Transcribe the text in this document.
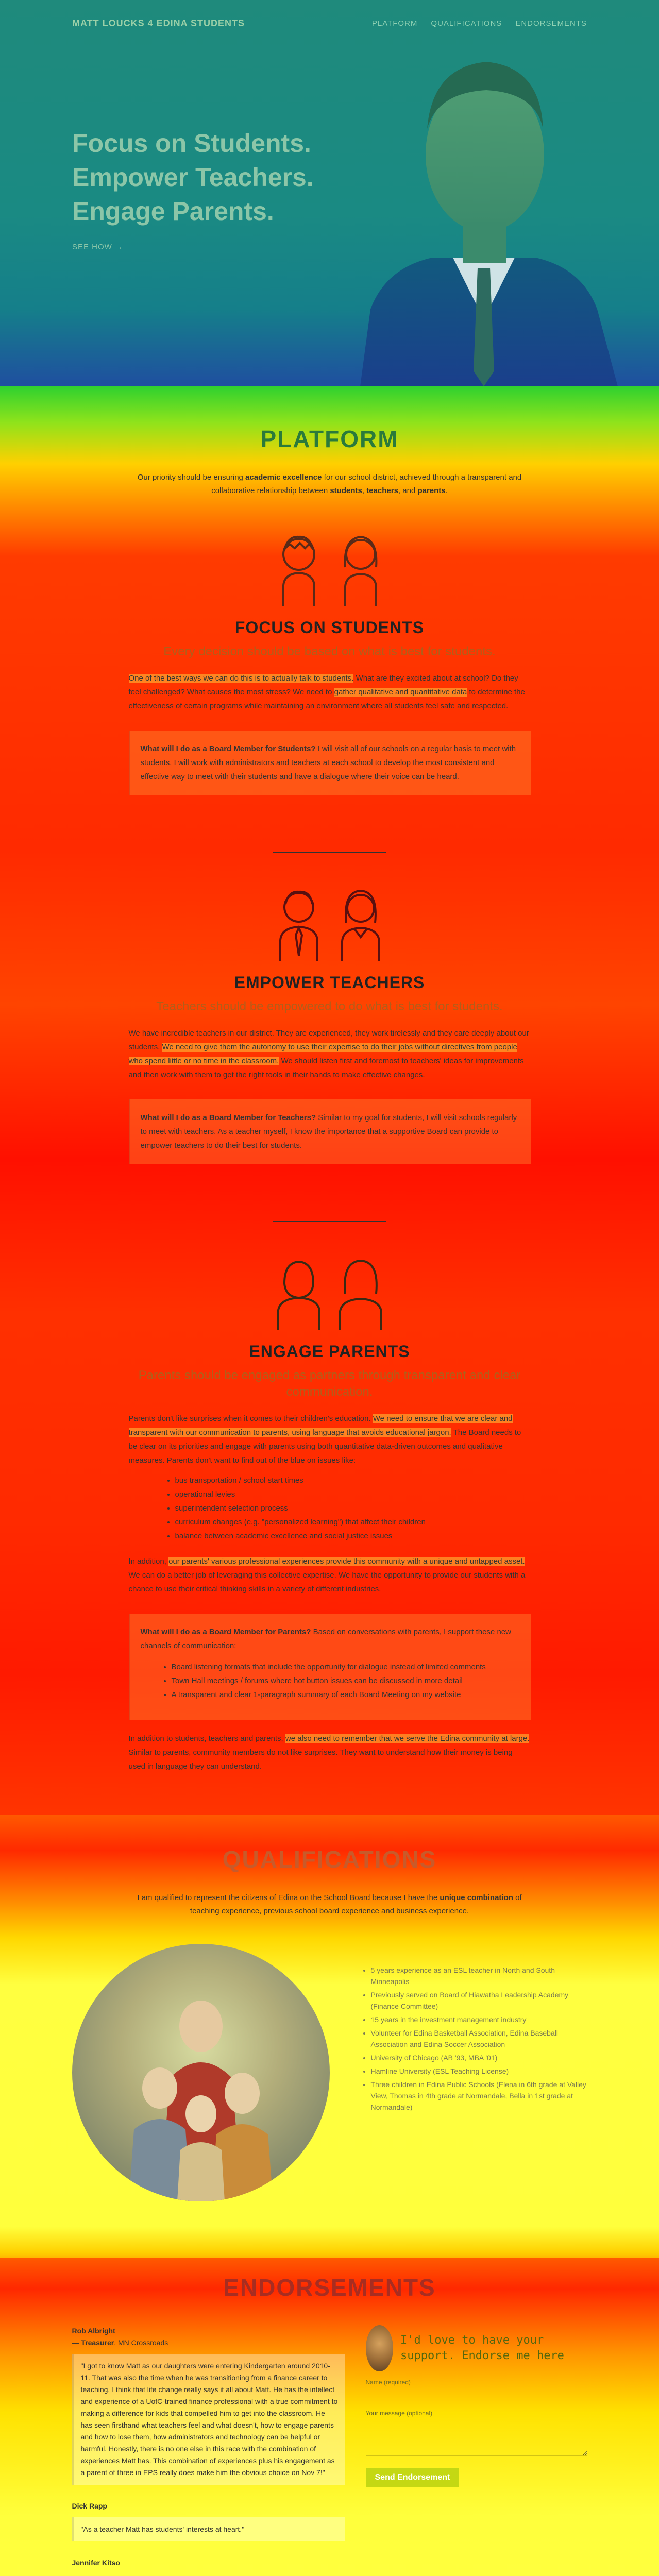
MATT LOUCKS 4 EDINA STUDENTS	PLATFORM QUALIFICATIONS ENDORSEMENTS
Focus on Students.
Empower Teachers.
Engage Parents.
SEE HOW →
PLATFORM

Our priority should be ensuring academic excellence for our school district, achieved through a transparent and collaborative relationship between students, teachers, and parents.

FOCUS ON STUDENTS

Every decision should be based on what is best for students.

One of the best ways we can do this is to actually talk to students. What are they excited about at school? Do they feel challenged? What causes the most stress? We need to gather qualitative and quantitative data to determine the effectiveness of certain programs while maintaining an environment where all students feel safe and respected.

What will I do as a Board Member for Students? I will visit all of our schools on a regular basis to meet with students. I will work with administrators and teachers at each school to develop the most consistent and effective way to meet with their students and have a dialogue where their voice can be heard.
EMPOWER TEACHERS

Teachers should be empowered to do what is best for students.

We have incredible teachers in our district. They are experienced, they work tirelessly and they care deeply about our students. We need to give them the autonomy to use their expertise to do their jobs without directives from people who spend little or no time in the classroom. We should listen first and foremost to teachers' ideas for improvements and then work with them to get the right tools in their hands to make effective changes.

What will I do as a Board Member for Teachers? Similar to my goal for students, I will visit schools regularly to meet with teachers. As a teacher myself, I know the importance that a supportive Board can provide to empower teachers to do their best for students.
ENGAGE PARENTS

Parents should be engaged as partners through transparent and clear communication.

Parents don't like surprises when it comes to their children's education. We need to ensure that we are clear and transparent with our communication to parents, using language that avoids educational jargon. The Board needs to be clear on its priorities and engage with parents using both quantitative data-driven outcomes and qualitative measures. Parents don't want to find out of the blue on issues like:

• bus transportation / school start times
• operational levies
• superintendent selection process
• curriculum changes (e.g. "personalized learning") that affect their children
• balance between academic excellence and social justice issues

In addition, our parents' various professional experiences provide this community with a unique and untapped asset. We can do a better job of leveraging this collective expertise. We have the opportunity to provide our students with a chance to use their critical thinking skills in a variety of different industries.

What will I do as a Board Member for Parents? Based on conversations with parents, I support these new channels of communication:
• Board listening formats that include the opportunity for dialogue instead of limited comments
• Town Hall meetings / forums where hot button issues can be discussed in more detail
• A transparent and clear 1-paragraph summary of each Board Meeting on my website

In addition to students, teachers and parents, we also need to remember that we serve the Edina community at large. Similar to parents, community members do not like surprises. They want to understand how their money is being used in language they can understand.

QUALIFICATIONS

I am qualified to represent the citizens of Edina on the School Board because I have the unique combination of teaching experience, previous school board experience and business experience.

• 5 years experience as an ESL teacher in North and South Minneapolis
• Previously served on Board of Hiawatha Leadership Academy (Finance Committee)
• 15 years in the investment management industry
• Volunteer for Edina Basketball Association, Edina Baseball Association and Edina Soccer Association
• University of Chicago (AB '93, MBA '01)
• Hamline University (ESL Teaching License)
• Three children in Edina Public Schools (Elena in 6th grade at Valley View, Thomas in 4th grade at Normandale, Bella in 1st grade at Normandale)
ENDORSEMENTS
Rob Albright
— Treasurer, MN Crossroads
"I got to know Matt as our daughters were entering Kindergarten around 2010-11. That was also the time when he was transitioning from a finance career to teaching. I think that life change really says it all about Matt. He has the intellect and experience of a UofC-trained finance professional with a true commitment to making a difference for kids that compelled him to get into the classroom. He has seen firsthand what teachers feel and what doesn't, how to engage parents and how to lose them, how administrators and technology can be helpful or harmful. Honestly, there is no one else in this race with the combination of experiences Matt has. This combination of experiences plus his engagement as a parent of three in EPS really does make him the obvious choice on Nov 7!"
Dick Rapp
"As a teacher Matt has students' interests at heart."
Jennifer Kitso
I'd love to have your support. Endorse me here
Name (required)
Your message (optional)
Send Endorsement
